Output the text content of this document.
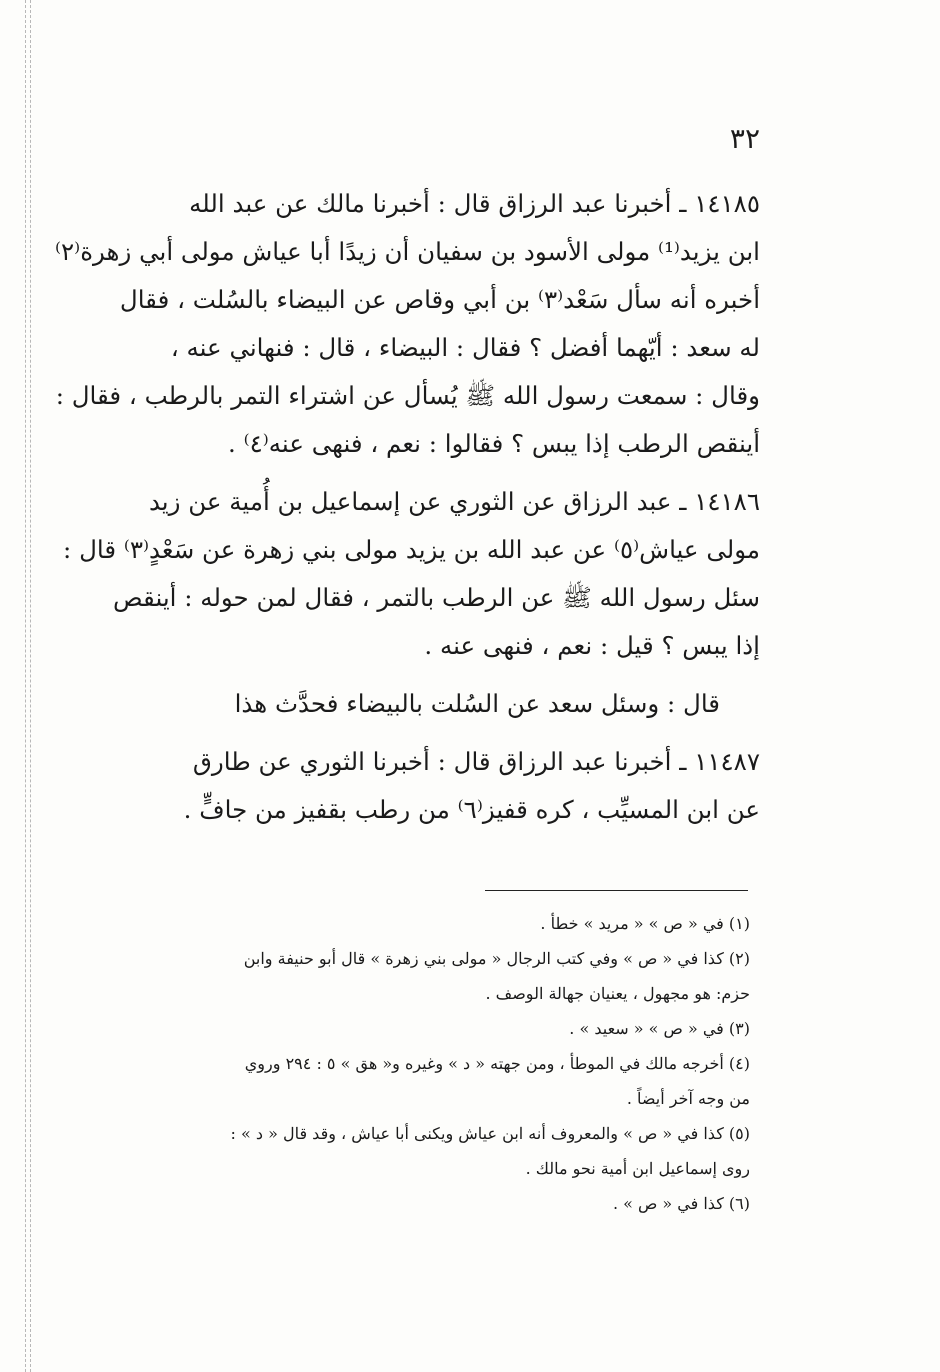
٣٢
١٤١٨٥ ـ أخبرنا عبد الرزاق قال : أخبرنا مالك عن عبد الله
ابن يزيد⁽¹⁾ مولى الأسود بن سفيان أن زيدًا أبا عياش مولى أبي زهرة⁽٢⁾
أخبره أنه سأل سَعْد⁽٣⁾ بن أبي وقاص عن البيضاء بالسُلت ، فقال
له سعد : أيّهما أفضل ؟ فقال : البيضاء ، قال : فنهاني عنه ،
وقال : سمعت رسول الله ﷺ يُسأل عن اشتراء التمر بالرطب ، فقال :
أينقص الرطب إذا يبس ؟ فقالوا : نعم ، فنهى عنه⁽٤⁾ .
١٤١٨٦ ـ عبد الرزاق عن الثوري عن إسماعيل بن أُمية عن زيد
مولى عياش⁽٥⁾ عن عبد الله بن يزيد مولى بني زهرة عن سَعْدٍ⁽٣⁾ قال :
سئل رسول الله ﷺ عن الرطب بالتمر ، فقال لمن حوله : أينقص
إذا يبس ؟ قيل : نعم ، فنهى عنه .
قال : وسئل سعد عن السُلت بالبيضاء فحدَّث هذا
١١٤٨٧ ـ أخبرنا عبد الرزاق قال : أخبرنا الثوري عن طارق
عن ابن المسيِّب ، كره قفيز⁽٦⁾ من رطب بقفيز من جافٍّ .
(١) في « ص » « مريد » خطأ .
(٢) كذا في « ص » وفي كتب الرجال « مولى بني زهرة » قال أبو حنيفة وابن
حزم: هو مجهول ، يعنيان جهالة الوصف .
(٣) في « ص » « سعيد » .
(٤) أخرجه مالك في الموطأ ، ومن جهته « د » وغيره و« هق » ٥ : ٢٩٤ وروي
من وجه آخر أيضاً .
(٥) كذا في « ص » والمعروف أنه ابن عياش ويكنى أبا عياش ، وقد قال « د » :
روى إسماعيل ابن أمية نحو مالك .
(٦) كذا في « ص » .
